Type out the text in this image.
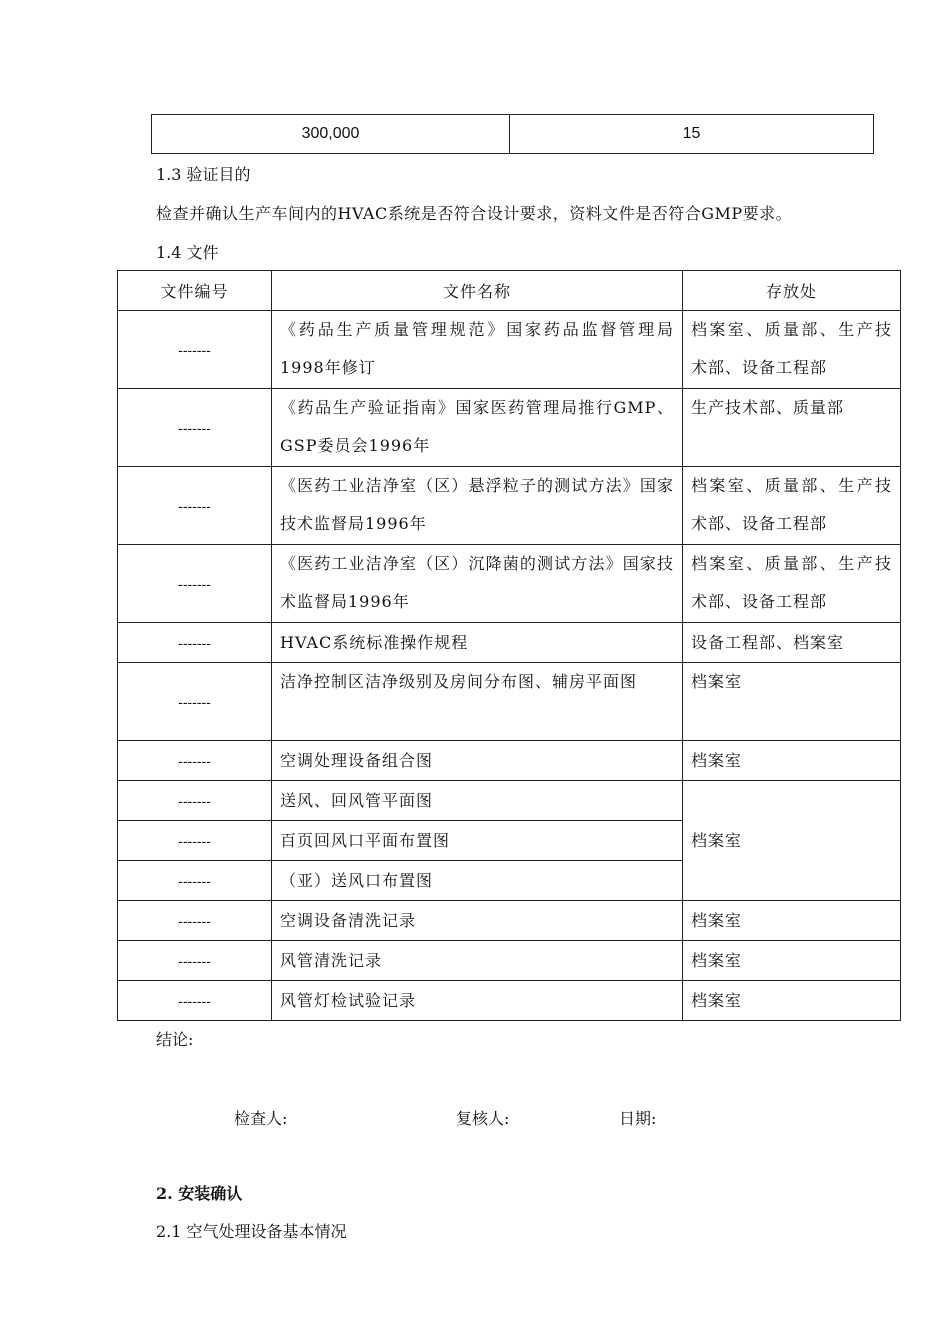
300,000	15
1.3 验证目的
检查并确认生产车间内的HVAC系统是否符合设计要求，资料文件是否符合GMP要求。
1.4 文件
文件编号	文件名称	存放处
-------	《药品生产质量管理规范》国家药品监督管理局1998年修订	档案室、质量部、生产技术部、设备工程部
-------	《药品生产验证指南》国家医药管理局推行GMP、GSP委员会1996年	生产技术部、质量部
-------	《医药工业洁净室（区）悬浮粒子的测试方法》国家技术监督局1996年	档案室、质量部、生产技术部、设备工程部
-------	《医药工业洁净室（区）沉降菌的测试方法》国家技术监督局1996年	档案室、质量部、生产技术部、设备工程部
-------	HVAC系统标准操作规程	设备工程部、档案室
-------	洁净控制区洁净级别及房间分布图、辅房平面图	档案室
-------	空调处理设备组合图	档案室
-------	送风、回风管平面图	档案室
-------	百页回风口平面布置图	
-------	（亚）送风口布置图	
-------	空调设备清洗记录	档案室
-------	风管清洗记录	档案室
-------	风管灯检试验记录	档案室
结论:
检查人:	复核人:	日期:
2. 安装确认
2.1 空气处理设备基本情况
